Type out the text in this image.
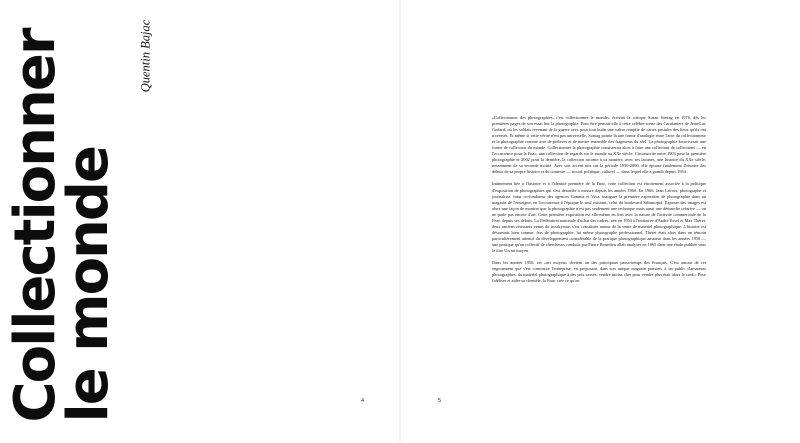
Collectionner
le monde
Quentin Bajac
4	5

«Collectionner des photographies, c'est collectionner le monde» écrivait la critique Susan Sontag en 1976, dès les premières pages de son essai Sur la photographie. Pour être pensait-elle à cette célèbre scène des Carabiniers de Jean-Luc Godard, où les soldats revenant de la guerre avec pour tout butin une valise remplie de cartes postales des lieux qu'ils ont traversés. Et même si cette vérité n'est pas universelle, Sontag pointe là une forme d'analogie entre l'acte du collectionneur et la photographie comme acte de prélever et de mettre ensemble des fragments du réel. La photographie favoriserait une forme de collection du monde. Collectionner la photographie consisterait alors à faire une collection de collections — en l'occurrence pour la Fnac, une collection de regards sur le monde au XXe siècle. Circonscrite entre 1903 pour la première photographie et 2002 pour la dernière, la collection raconte à sa manière, avec ses lacunes, une histoire du XXe siècle, notamment de sa seconde moitié. Avec son accent mis sur la période 1950-2000, elle épouse finalement l'histoire des débuts de sa propre histoire et du contexte — social, politique, culturel — dans lequel elle a grandi depuis 1954.

Intimement liée à l'histoire et à l'identité première de la Fnac, cette collection est étroitement associée à la politique d'exposition de photographies qui s'est déroulée à mesure depuis les années 1960. En 1966, Jean Lavoix, photographe et journaliste, futur co-fondateur des agences Gamma et Viva, inaugure la première exposition de photographie dans un magasin de l'enseigne, en l'occurrence à l'époque le seul existant, celui du boulevard Sébastopol. Exposer des images est alors une façon de montrer que la photographie n'est pas seulement une technique mais aussi une démarche créative — on ne parle pas encore d'art. Cette première exposition est elle-même en lien avec la nature de l'activité commerciale de la Fnac depuis ses débuts. La Fédération nationale d'achat des cadres, née en 1954 à l'initiative d'André Essel et Max Théret, deux anciens résistants venus du trotskysme, s'est constituée autour de la vente de matériel photographique. L'histoire est désormais bien connue: fers de photographie, lui même photographe professionnel, Théret était alors dans un témoin particulièrement attentif du développement considérable de la pratique photographique amateur dans les années 1950 — une pratique qu'un collectif de chercheurs conduits par Pierre Bourdieu allait analyser en 1965 dans une étude publiée sous le titre Un art moyen.

Dans les années 1950, cet «art moyen» devient un des principaux passe-temps des Français. C'est autour de cet engouement que s'est construite l'entreprise, en proposant, dans son unique magasin parisien, à un public d'amateurs photographes, du matériel photographique à des prix cassés: vendre moins cher pour vendre plus était alors le credo. Pour fidéliser et aider sa clientèle, la Fnac crée ce qu'on
